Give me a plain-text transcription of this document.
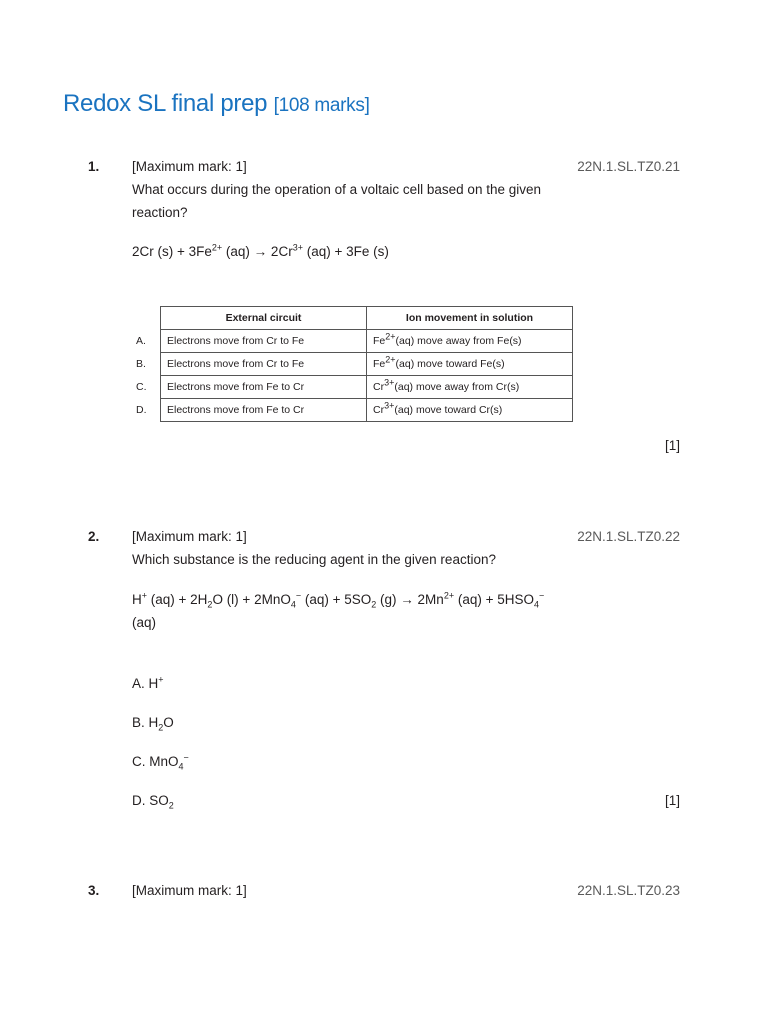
Redox SL final prep [108 marks]
1. [Maximum mark: 1]	22N.1.SL.TZ0.21
What occurs during the operation of a voltaic cell based on the given reaction?
2Cr $(s) + 3Fe^{2+}$ $(aq) \to 2Cr^{3+}$ (aq) + 3Fe (s)
	External circuit	Ion movement in solution
A.	Electrons move from Cr to Fe	$Fe^{2+}(aq)$ move away from Fe(s)
B.	Electrons move from Cr to Fe	$Fe^{2+}(aq)$ move toward Fe(s)
C.	Electrons move from Fe to Cr	$Cr^{3+}(aq)$ move away from Cr(s)
D.	Electrons move from Fe to Cr	$Cr^{3+}(aq)$ move toward Cr(s)
[1]
2. [Maximum mark: 1]	22N.1.SL.TZ0.22
Which substance is the reducing agent in the given reaction?
H+ $(aq) + 2H_2O$ (l) + 2MnO$_4$− $(aq) + 5SO_2$ $(g) \to 2Mn^{2+}$ $(aq) + 5HSO_4^-$
(aq)
A. H+
B. $H_2O$
C. MnO$_4$−
D. $SO_2$	[1]
3. [Maximum mark: 1]	22N.1.SL.TZ0.23
